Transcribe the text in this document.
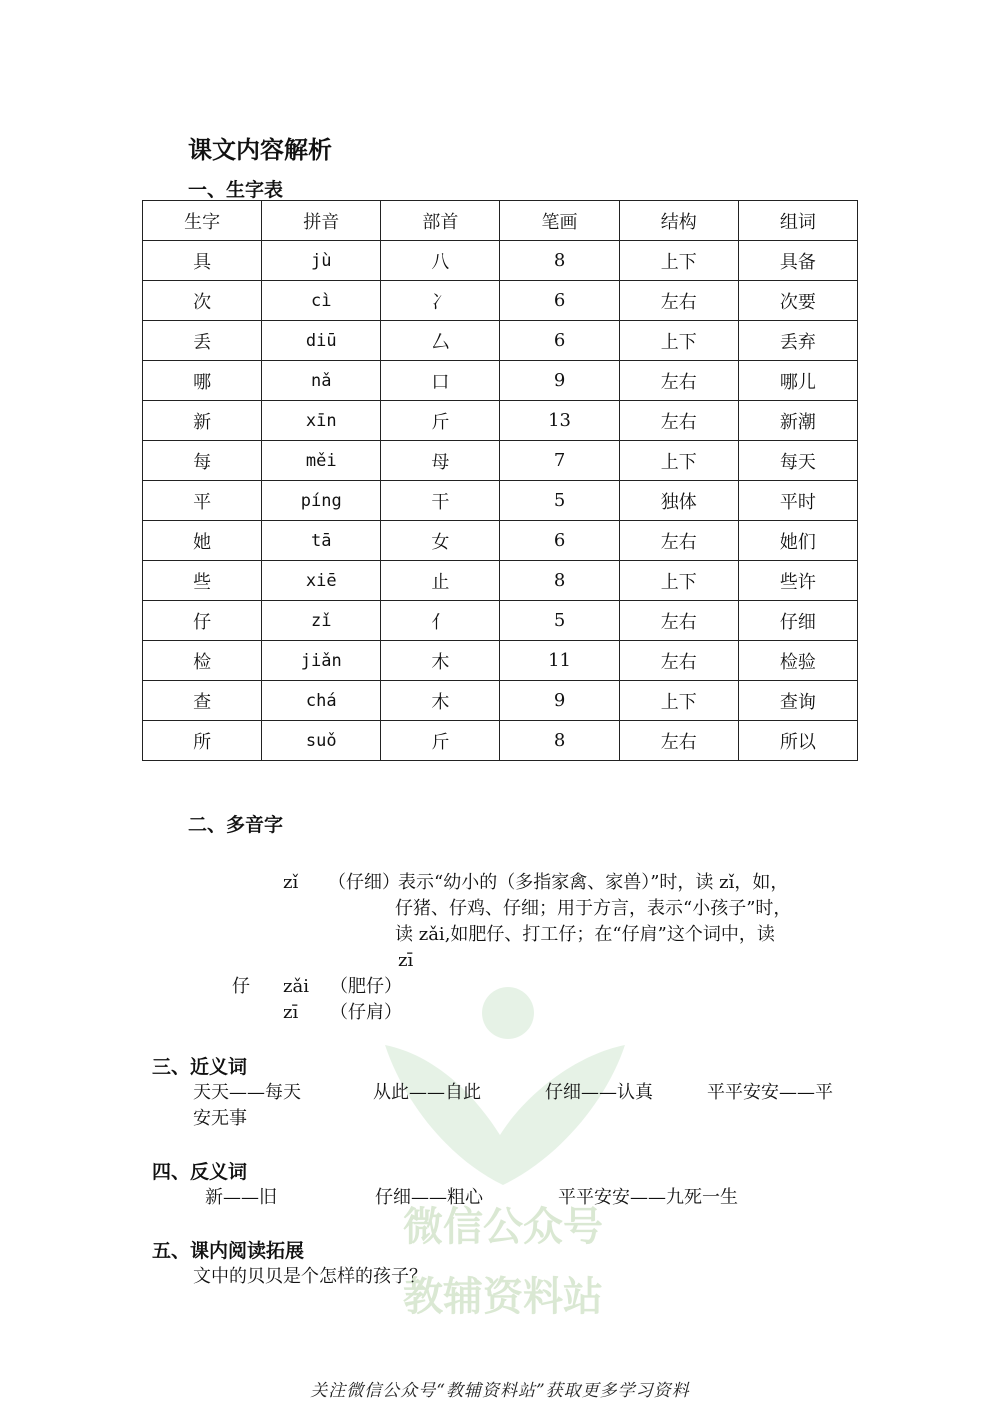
课文内容解析
一、生字表
生字	拼音	部首	笔画	结构	组词
具	jù	八	8	上下	具备
次	cì	冫	6	左右	次要
丢	diū	厶	6	上下	丢弃
哪	nǎ	口	9	左右	哪儿
新	xīn	斤	13	左右	新潮
每	měi	母	7	上下	每天
平	píng	干	5	独体	平时
她	tā	女	6	左右	她们
些	xiē	止	8	上下	些许
仔	zǐ	亻	5	左右	仔细
检	jiǎn	木	11	左右	检验
查	chá	木	9	上下	查询
所	suǒ	斤	8	左右	所以
二、多音字
zǐ （仔细）
表示“幼小的（多指家禽、家兽）”时，读 zǐ，如，
仔猪、仔鸡、仔细；用于方言，表示“小孩子”时，
读 zǎi,如肥仔、打工仔；在“仔肩”这个词中，读
zī
仔 zǎi （肥仔）
zī （仔肩）
微信公众号
教辅资料站
三、近义词
天天——每天	从此——自此	仔细——认真	平平安安——平
安无事
四、反义词
新——旧	仔细——粗心	平平安安——九死一生
五、课内阅读拓展
文中的贝贝是个怎样的孩子？
关注微信公众号“教辅资料站”获取更多学习资料
